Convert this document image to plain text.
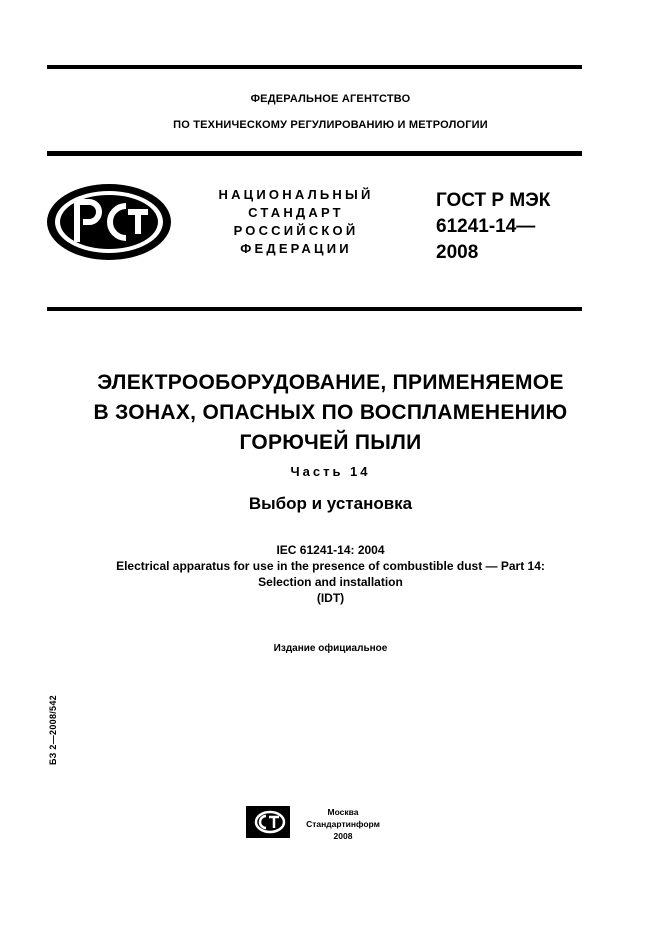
ФЕДЕРАЛЬНОЕ АГЕНТСТВО
ПО ТЕХНИЧЕСКОМУ РЕГУЛИРОВАНИЮ И МЕТРОЛОГИИ
НАЦИОНАЛЬНЫЙ
СТАНДАРТ
РОССИЙСКОЙ
ФЕДЕРАЦИИ
ГОСТ Р МЭК
61241-14—
2008
ЭЛЕКТРООБОРУДОВАНИЕ, ПРИМЕНЯЕМОЕ
В ЗОНАХ, ОПАСНЫХ ПО ВОСПЛАМЕНЕНИЮ
ГОРЮЧЕЙ ПЫЛИ
Часть 14
Выбор и установка
IEC 61241-14: 2004
Electrical apparatus for use in the presence of combustible dust — Part 14:
Selection and installation
(IDT)
Издание официальное
БЗ 2—2008/542
Москва
Стандартинформ
2008
